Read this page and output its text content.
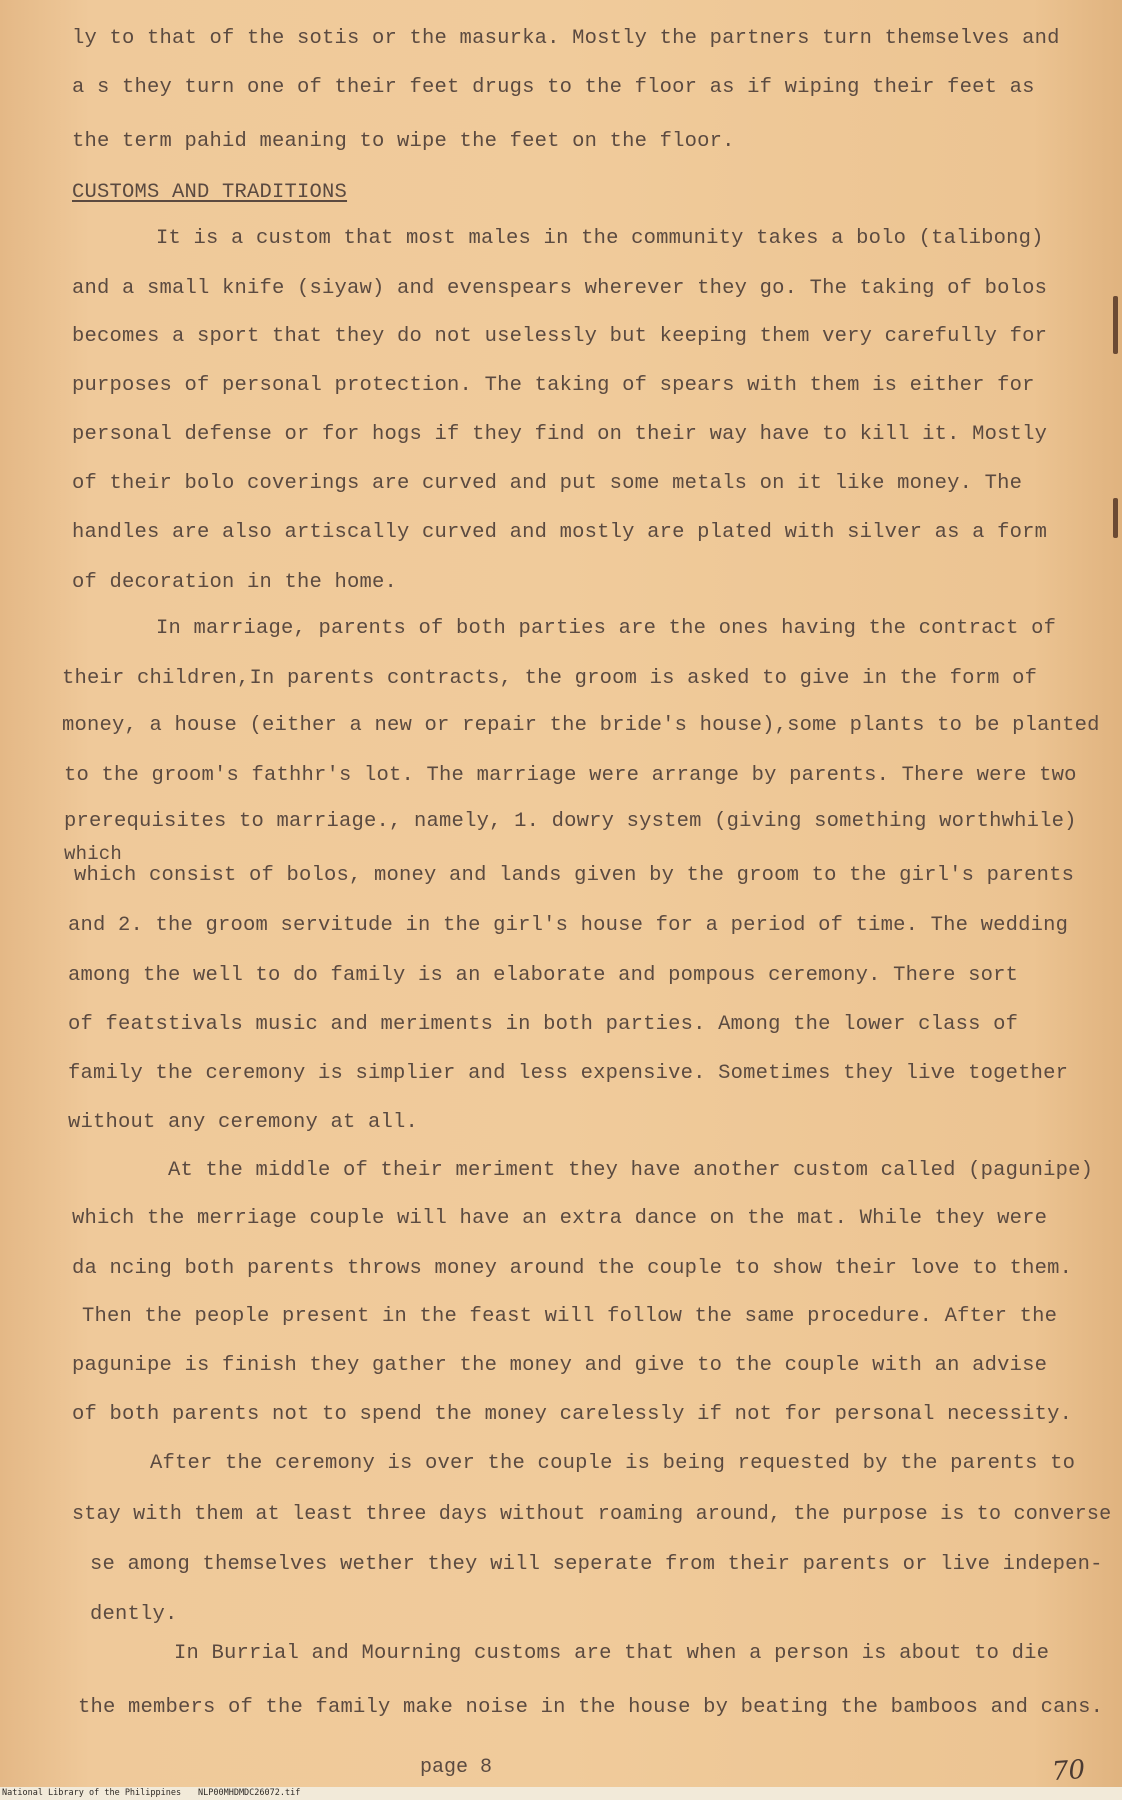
ly to that of the sotis or the masurka. Mostly the partners turn themselves and

a s they turn one of their feet drugs to the floor as if wiping their feet as

the term pahid meaning to wipe the feet on the floor.

CUSTOMS AND TRADITIONS

It is a custom that most males in the community takes a bolo (talibong)

and a small knife (siyaw) and evenspears wherever they go. The taking of bolos

becomes a sport that they do not uselessly but keeping them very carefully for

purposes of personal protection. The taking of spears with them is either for

personal defense or for hogs if they find on their way have to kill it. Mostly

of their bolo coverings are curved and put some metals on it like money. The

handles are also artiscally curved and mostly are plated with silver as a form

of decoration in the home.

In marriage, parents of both parties are the ones having the contract of

their children,In parents contracts, the groom is asked to give in the form of

money, a house (either a new or repair the bride's house),some plants to be planted

to the groom's fathhr's lot. The marriage were arrange by parents. There were two

prerequisites to marriage., namely, 1. dowry system (giving something worthwhile)

which

which consist of bolos, money and lands given by the groom to the girl's parents

and 2. the groom servitude in the girl's house for a period of time. The wedding

among the well to do family is an elaborate and pompous ceremony. There sort

of featstivals music and meriments in both parties. Among the lower class of

family the ceremony is simplier and less expensive. Sometimes they live together

without any ceremony at all.

At the middle of their meriment they have another custom called (pagunipe)

which the merriage couple will have an extra dance on the mat. While they were

da ncing both parents throws money around the couple to show their love to them.

Then the people present in the feast will follow the same procedure. After the

pagunipe is finish they gather the money and give to the couple with an advise

of both parents not to spend the money carelessly if not for personal necessity.

After the ceremony is over the couple is being requested by the parents to

stay with them at least three days without roaming around, the purpose is to converse

se among themselves wether they will seperate from their parents or live indepen-

dently.

In Burrial and Mourning customs are that when a person is about to die

the members of the family make noise in the house by beating the bamboos and cans.

page 8	70
National Library of the Philippines NLP00MHDMDC26072.tif
